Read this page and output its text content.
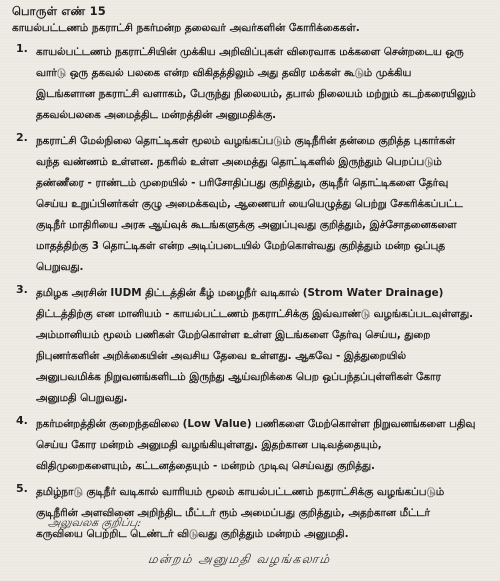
பொருள் எண் 15
காயல்பட்டணம் நகராட்சி நகர்மன்ற தலைவர் அவர்களின் கோரிக்கைகள்.
1. காயல்பட்டணம் நகராட்சியின் முக்கிய அறிவிப்புகள் விரைவாக மக்களை சென்றடைய ஒரு
வார்டு ஒரு தகவல் பலகை என்ற விகிதத்திலும் அது தவிர மக்கள் கூடும் முக்கிய
இடங்களான நகராட்சி வளாகம், பேருந்து நிலையம், தபால் நிலையம் மற்றும் கடற்கரையிலும்
தகவல்பலகை அமைத்திட மன்றத்தின் அனுமதிக்கு.
2. நகராட்சி மேல்நிலை தொட்டிகள் மூலம் வழங்கப்படும் குடிநீரின் தன்மை குறித்த புகார்கள்
வந்த வண்ணம் உள்ளன. நகரில் உள்ள அமைத்து தொட்டிகளில் இருந்தும் பெறப்படும்
தண்ணீரை - ராண்டம் முறையில் - பரிசோதிப்பது குறித்தும், குடிநீர் தொட்டிகளை தேர்வு
செய்ய உறுப்பினர்கள் குழு அமைக்கவும், ஆணையர் யையெழுத்து பெற்று சேகரிக்கப்பட்ட
குடிநீர் மாதிரியை அரசு ஆய்வுக் கூடங்களுக்கு அனுப்புவது குறித்தும், இச்சோதனைகளை
மாதத்திற்கு 3 தொட்டிகள் என்ற அடிப்படையில் மேற்கொள்வது குறித்தும் மன்ற ஒப்புத
பெறுவது.
3. தமிழக அரசின் IUDM திட்டத்தின் கீழ் மழைநீர் வடிகால் (Strom Water Drainage)
திட்டத்திற்கு என மானியம் - காயல்பட்டணம் நகராட்சிக்கு இவ்வாண்டு வழங்கப்படவுள்ளது.
அம்மானியம் மூலம் பணிகள் மேற்கொள்ள உள்ள இடங்களை தேர்வு செய்ய, துறை
நிபுணர்களின் அறிக்கையின் அவசிய தேவை உள்ளது. ஆகவே - இத்துறையில்
அனுபவமிக்க நிறுவனங்களிடம் இருந்து ஆய்வறிக்கை பெற ஒப்பந்தப்புள்ளிகள் கோர
அனுமதி பெறுவது.
4. நகர்மன்றத்தின் குறைந்தவிலை (Low Value) பணிகளை மேற்கொள்ள நிறுவனங்களை பதிவு
செய்ய கோர மன்றம் அனுமதி வழங்கியுள்ளது. இதற்கான படிவத்தையும்,
விதிமுறைகளையும், கட்டனத்தையும் - மன்றம் முடிவு செய்வது குறித்து.
5. தமிழ்நாடு குடிநீர் வடிகால் வாரியம் மூலம் காயல்பட்டணம் நகராட்சிக்கு வழங்கப்படும்
குடிநீரின் அளவினை அறிந்திட மீட்டர் ரூம் அமைப்பது குறித்தும், அதற்கான மீட்டர்
கருவியை பெற்றிட டெண்டர் விடுவது குறித்தும் மன்றம் அனுமதி.
அலுவலக குறிப்பு:
மன்றம் அனுமதி வழங்கலாம்
